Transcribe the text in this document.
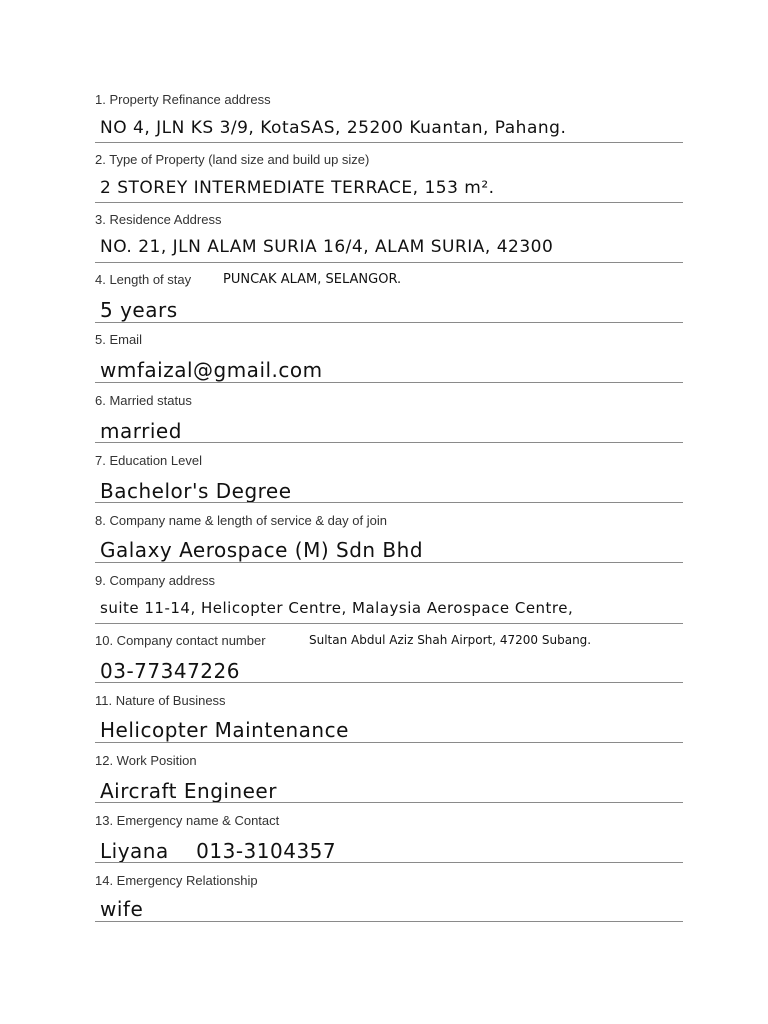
1. Property Refinance address
NO 4, JLN KS 3/9, KotaSAS, 25200 Kuantan, Pahang.
2. Type of Property (land size and build up size)
2 STOREY INTERMEDIATE TERRACE, 153 m².
3. Residence Address
NO. 21, JLN ALAM SURIA 16/4, ALAM SURIA, 42300
4. Length of stay PUNCAK ALAM, SELANGOR.
5 years
5. Email
wmfaizal@gmail.com
6. Married status
married
7. Education Level
Bachelor's Degree
8. Company name & length of service & day of join
Galaxy Aerospace (M) Sdn Bhd
9. Company address
suite 11-14, Helicopter Centre, Malaysia Aerospace Centre,
10. Company contact number	Sultan Abdul Aziz Shah Airport, 47200 Subang.
03-77347226
11. Nature of Business
Helicopter Maintenance
12. Work Position
Aircraft Engineer
13. Emergency name & Contact
Liyana    013-3104357
14. Emergency Relationship
wife
